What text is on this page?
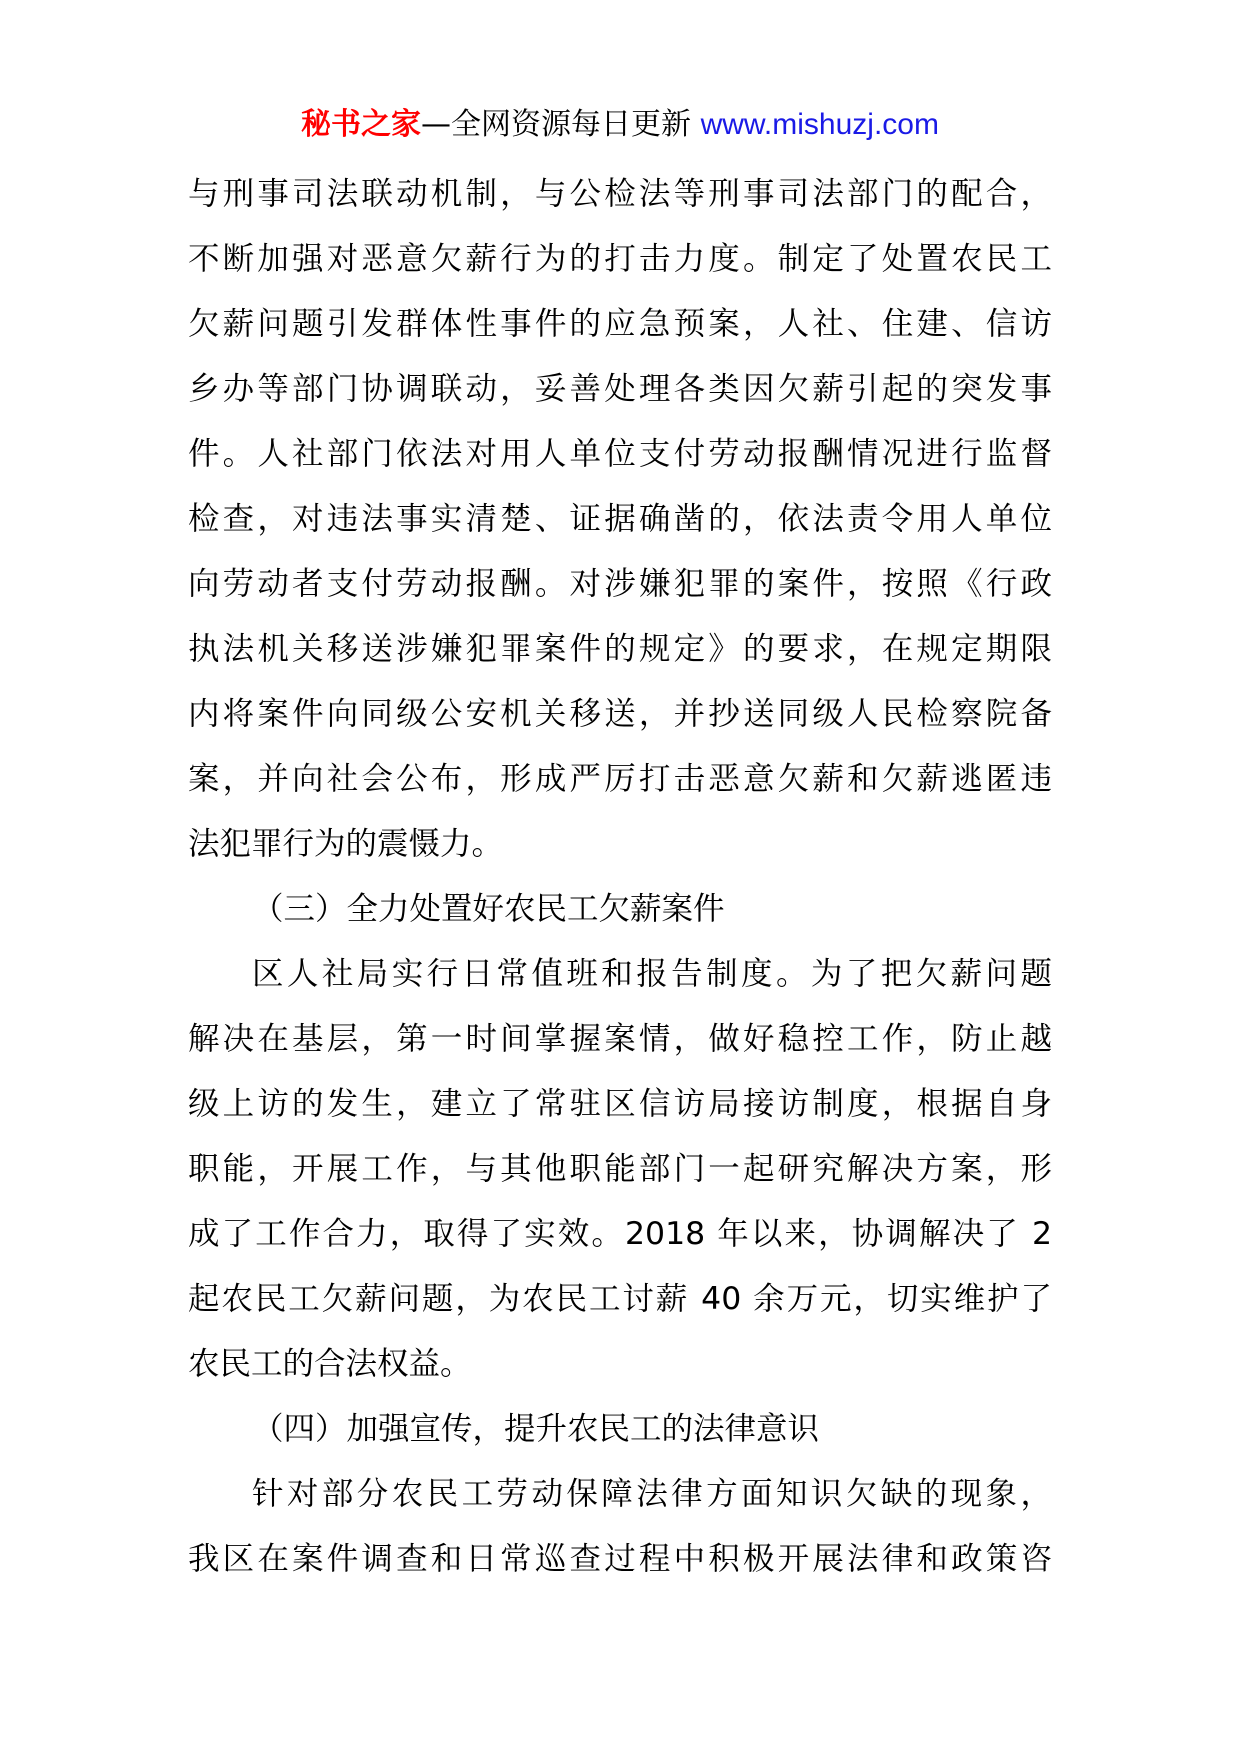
秘书之家—全网资源每日更新 www.mishuzj.com
与刑事司法联动机制，与公检法等刑事司法部门的配合，
不断加强对恶意欠薪行为的打击力度。制定了处置农民工
欠薪问题引发群体性事件的应急预案，人社、住建、信访
乡办等部门协调联动，妥善处理各类因欠薪引起的突发事
件。人社部门依法对用人单位支付劳动报酬情况进行监督
检查，对违法事实清楚、证据确凿的，依法责令用人单位
向劳动者支付劳动报酬。对涉嫌犯罪的案件，按照《行政
执法机关移送涉嫌犯罪案件的规定》的要求，在规定期限
内将案件向同级公安机关移送，并抄送同级人民检察院备
案，并向社会公布，形成严厉打击恶意欠薪和欠薪逃匿违
法犯罪行为的震慑力。
（三）全力处置好农民工欠薪案件
区人社局实行日常值班和报告制度。为了把欠薪问题
解决在基层，第一时间掌握案情，做好稳控工作，防止越
级上访的发生，建立了常驻区信访局接访制度，根据自身
职能，开展工作，与其他职能部门一起研究解决方案，形
成了工作合力，取得了实效。2018 年以来，协调解决了 2
起农民工欠薪问题，为农民工讨薪 40 余万元，切实维护了
农民工的合法权益。
（四）加强宣传，提升农民工的法律意识
针对部分农民工劳动保障法律方面知识欠缺的现象，
我区在案件调查和日常巡查过程中积极开展法律和政策咨
